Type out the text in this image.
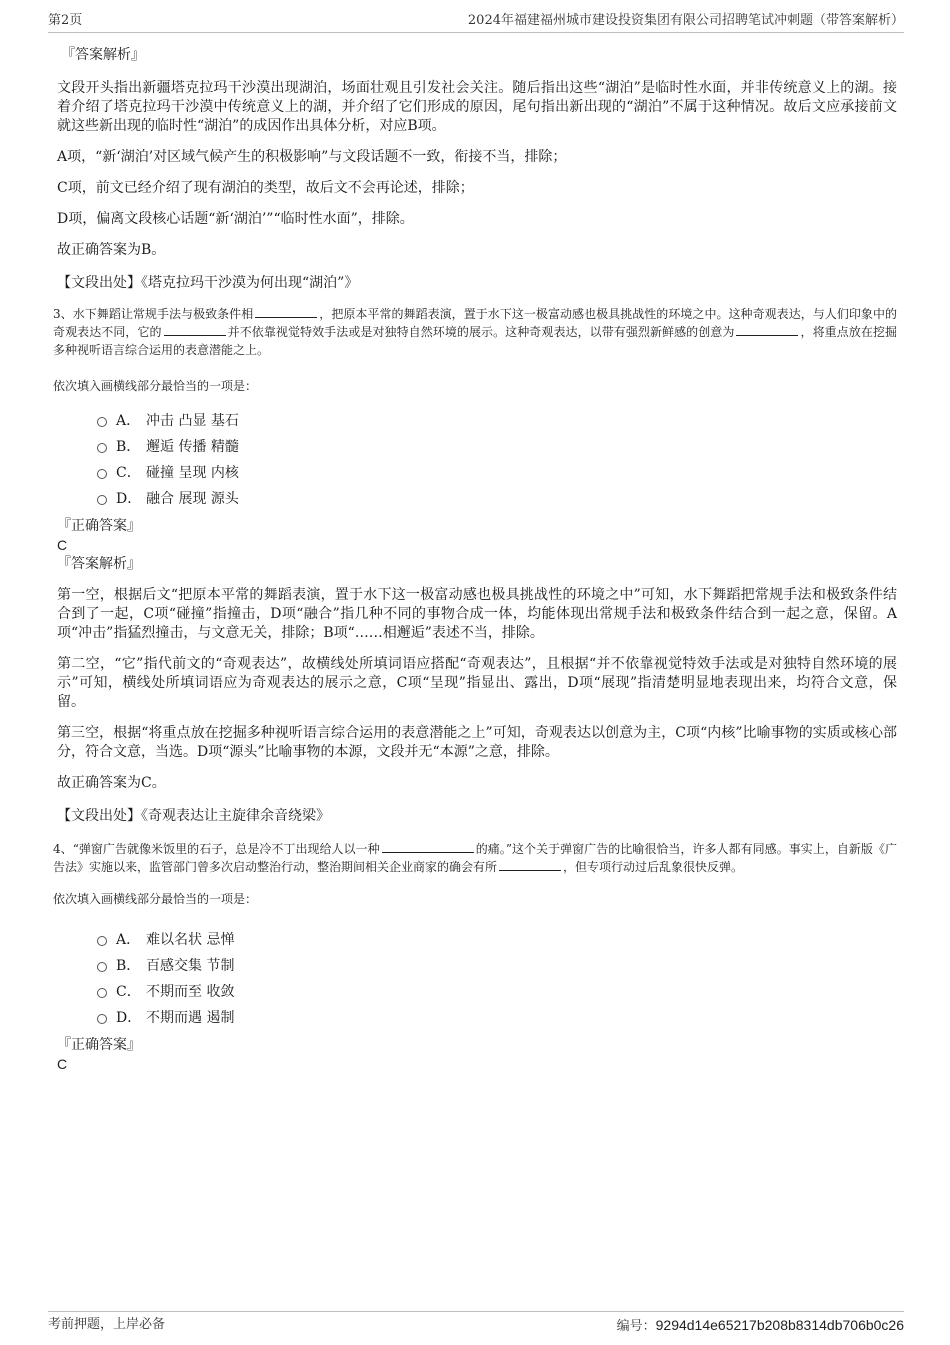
第2页	2024年福建福州城市建设投资集团有限公司招聘笔试冲刺题（带答案解析）
『答案解析』
文段开头指出新疆塔克拉玛干沙漠出现湖泊，场面壮观且引发社会关注。随后指出这些“湖泊”是临时性水面，并非传统意义上的湖。接着介绍了塔克拉玛干沙漠中传统意义上的湖，并介绍了它们形成的原因，尾句指出新出现的“湖泊”不属于这种情况。故后文应承接前文就这些新出现的临时性“湖泊”的成因作出具体分析，对应B项。
A项，“新‘湖泊’对区域气候产生的积极影响”与文段话题不一致，衔接不当，排除；
C项，前文已经介绍了现有湖泊的类型，故后文不会再论述，排除；
D项，偏离文段核心话题“新‘湖泊’”“临时性水面”，排除。
故正确答案为B。
【文段出处】《塔克拉玛干沙漠为何出现“湖泊”》
3、水下舞蹈让常规手法与极致条件相	，把原本平常的舞蹈表演，置于水下这一极富动感也极具挑战性的环境之中。这种奇观表达，与人们印象中的奇观表达不同，它的	并不依靠视觉特效手法或是对独特自然环境的展示。这种奇观表达，以带有强烈新鲜感的创意为	，将重点放在挖掘多种视听语言综合运用的表意潜能之上。
依次填入画横线部分最恰当的一项是：
A． 冲击 凸显 基石
B． 邂逅 传播 精髓
C． 碰撞 呈现 内核
D． 融合 展现 源头
『正确答案』
C
『答案解析』
第一空，根据后文“把原本平常的舞蹈表演，置于水下这一极富动感也极具挑战性的环境之中”可知，水下舞蹈把常规手法和极致条件结合到了一起，C项“碰撞”指撞击，D项“融合”指几种不同的事物合成一体，均能体现出常规手法和极致条件结合到一起之意，保留。A项“冲击”指猛烈撞击，与文意无关，排除；B项“……相邂逅”表述不当，排除。
第二空，“它”指代前文的“奇观表达”，故横线处所填词语应搭配“奇观表达”，且根据“并不依靠视觉特效手法或是对独特自然环境的展示”可知，横线处所填词语应为奇观表达的展示之意，C项“呈现”指显出、露出，D项“展现”指清楚明显地表现出来，均符合文意，保留。
第三空，根据“将重点放在挖掘多种视听语言综合运用的表意潜能之上”可知，奇观表达以创意为主，C项“内核”比喻事物的实质或核心部分，符合文意，当选。D项“源头”比喻事物的本源，文段并无“本源”之意，排除。
故正确答案为C。
【文段出处】《奇观表达让主旋律余音绕梁》
4、“弹窗广告就像米饭里的石子，总是冷不丁出现给人以一种	的痛。”这个关于弹窗广告的比喻很恰当，许多人都有同感。事实上，自新版《广告法》实施以来，监管部门曾多次启动整治行动，整治期间相关企业商家的确会有所	，但专项行动过后乱象很快反弹。
依次填入画横线部分最恰当的一项是：
A． 难以名状 忌惮
B． 百感交集 节制
C． 不期而至 收敛
D． 不期而遇 遏制
『正确答案』
C
考前押题，上岸必备	编号：9294d14e65217b208b8314db706b0c26
